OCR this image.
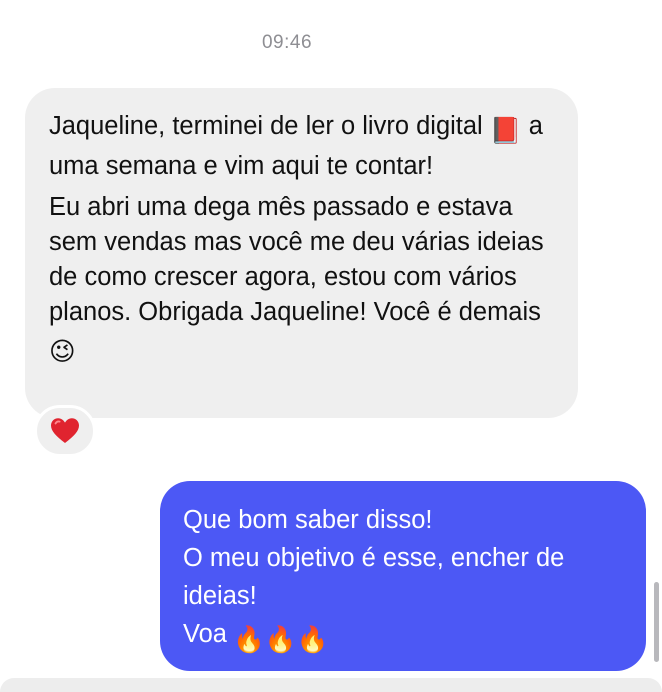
09:46
Jaqueline, terminei de ler o livro digital 📕 a uma semana e vim aqui te contar!
Eu abri uma dega mês passado e estava sem vendas mas você me deu várias ideias de como crescer agora, estou com vários planos. Obrigada Jaqueline! Você é demais 😉
Que bom saber disso!
O meu objetivo é esse, encher de ideias!
Voa 🔥🔥🔥
